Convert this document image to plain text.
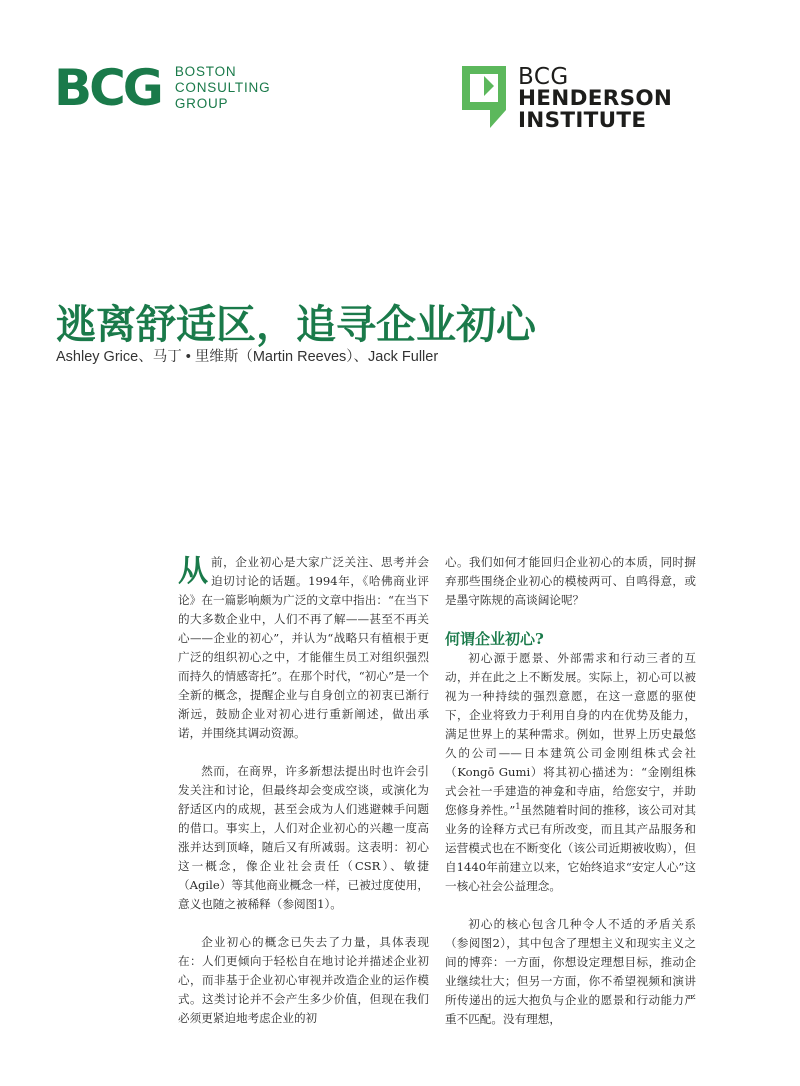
BCG BOSTON
CONSULTING
GROUP
BCG
HENDERSON
INSTITUTE
逃离舒适区，追寻企业初心
Ashley Grice、马丁 • 里维斯（Martin Reeves）、Jack Fuller

从前，企业初心是大家广泛关注、思考并会迫切讨论的话题。1994年，《哈佛商业评论》在一篇影响颇为广泛的文章中指出：“在当下的大多数企业中，人们不再了解——甚至不再关心——企业的初心”，并认为“战略只有植根于更广泛的组织初心之中，才能催生员工对组织强烈而持久的情感寄托”。在那个时代，“初心”是一个全新的概念，提醒企业与自身创立的初衷已渐行渐远，鼓励企业对初心进行重新阐述，做出承诺，并围绕其调动资源。

然而，在商界，许多新想法提出时也许会引发关注和讨论，但最终却会变成空谈，或演化为舒适区内的成规，甚至会成为人们逃避棘手问题的借口。事实上，人们对企业初心的兴趣一度高涨并达到顶峰，随后又有所减弱。这表明：初心这一概念，像企业社会责任（CSR）、敏捷（Agile）等其他商业概念一样，已被过度使用，意义也随之被稀释（参阅图1）。

企业初心的概念已失去了力量，具体表现在：人们更倾向于轻松自在地讨论并描述企业初心，而非基于企业初心审视并改造企业的运作模式。这类讨论并不会产生多少价值，但现在我们必须更紧迫地考虑企业的初

心。我们如何才能回归企业初心的本质，同时摒弃那些围绕企业初心的模棱两可、自鸣得意，或是墨守陈规的高谈阔论呢？

何谓企业初心?

初心源于愿景、外部需求和行动三者的互动，并在此之上不断发展。实际上，初心可以被视为一种持续的强烈意愿，在这一意愿的驱使下，企业将致力于利用自身的内在优势及能力，满足世界上的某种需求。例如，世界上历史最悠久的公司——日本建筑公司金刚组株式会社（Kongō Gumi）将其初心描述为：“金刚组株式会社一手建造的神龛和寺庙，给您安宁，并助您修身养性。”$^1$虽然随着时间的推移，该公司对其业务的诠释方式已有所改变，而且其产品服务和运营模式也在不断变化（该公司近期被收购），但自1440年前建立以来，它始终追求“安定人心”这一核心社会公益理念。

初心的核心包含几种令人不适的矛盾关系（参阅图2），其中包含了理想主义和现实主义之间的博弈：一方面，你想设定理想目标，推动企业继续壮大；但另一方面，你不希望视频和演讲所传递出的远大抱负与企业的愿景和行动能力严重不匹配。没有理想，
